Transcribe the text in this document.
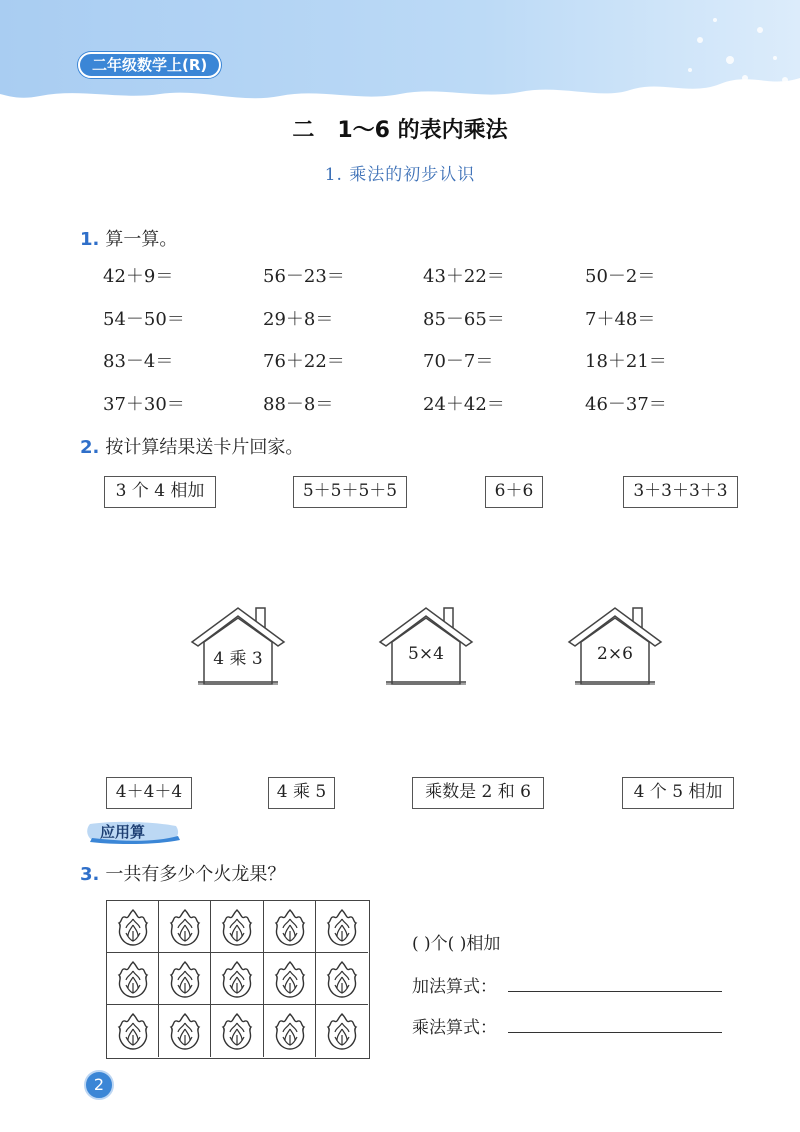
二年级数学上(R)
二   1～6 的表内乘法
1. 乘法的初步认识
1. 算一算。
42＋9＝	56－23＝	43＋22＝	50－2＝
54－50＝	29＋8＝	85－65＝	7＋48＝
83－4＝	76＋22＝	70－7＝	18＋21＝
37＋30＝	88－8＝	24＋42＝	46－37＝
2. 按计算结果送卡片回家。
3 个 4 相加	5＋5＋5＋5	6＋6	3＋3＋3＋3
4 乘 3	5×4	2×6
4＋4＋4	4 乘 5	乘数是 2 和 6	4 个 5 相加
应用算
3. 一共有多少个火龙果？
( )个( )相加
加法算式：
乘法算式：
2
